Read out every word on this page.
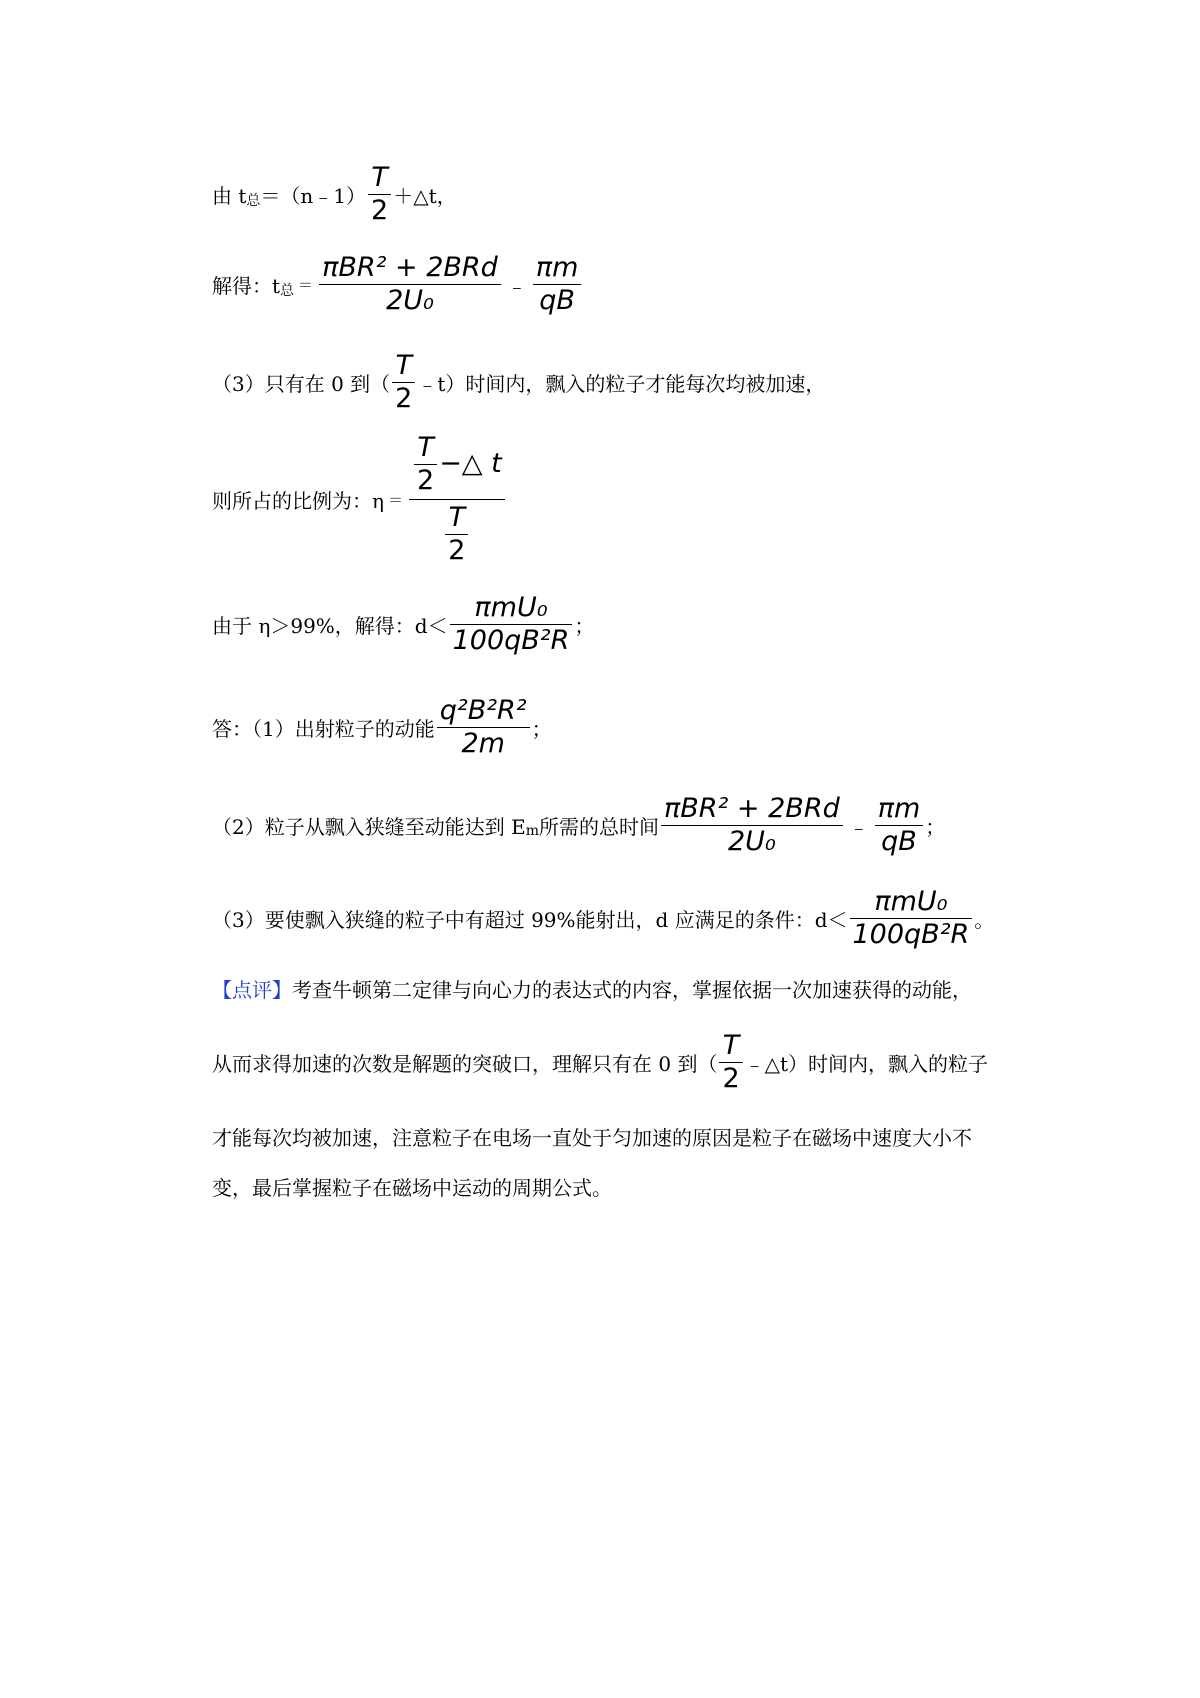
由 t 总 ＝（n﹣1） $\frac{T}{2}$ ＋△t，
解得：t 总 ＝ $\frac{\text{πBR² + 2BRd}}{\text{2U₀}}$ ﹣ $\frac{\pi m}{qB}$
（3）只有在 0 到（ $\frac{T}{2}$ ﹣t）时间内，飘入的粒子才能每次均被加速，
则所占的比例为：$\eta = \frac{\frac{T}{2} -\triangle t}{\frac{T}{2}}$
由于 η＞99%，解得：$d< \frac{\text{πmU₀}}{\text{100qB²R}}$ ；
答：（1）出射粒子的动能 $\frac{\text{q²B²R²}}{2m}$ ；
（2）粒子从飘入狭缝至动能达到 E m 所需的总时间 $\frac{\text{πBR² + 2BRd}}{\text{2U₀}}$ ﹣ $\frac{\pi m}{qB}$ ；
（3）要使飘入狭缝的粒子中有超过 99%能射出，d 应满足的条件：$d< \frac{\text{πmU₀}}{\text{100qB²R}}$ 。
【点评】考查牛顿第二定律与向心力的表达式的内容，掌握依据一次加速获得的动能，
从而求得加速的次数是解题的突破口，理解只有在 0 到（ $\frac{T}{2}$ ﹣△t）时间内，飘入的粒子
才能每次均被加速，注意粒子在电场一直处于匀加速的原因是粒子在磁场中速度大小不
变，最后掌握粒子在磁场中运动的周期公式。
